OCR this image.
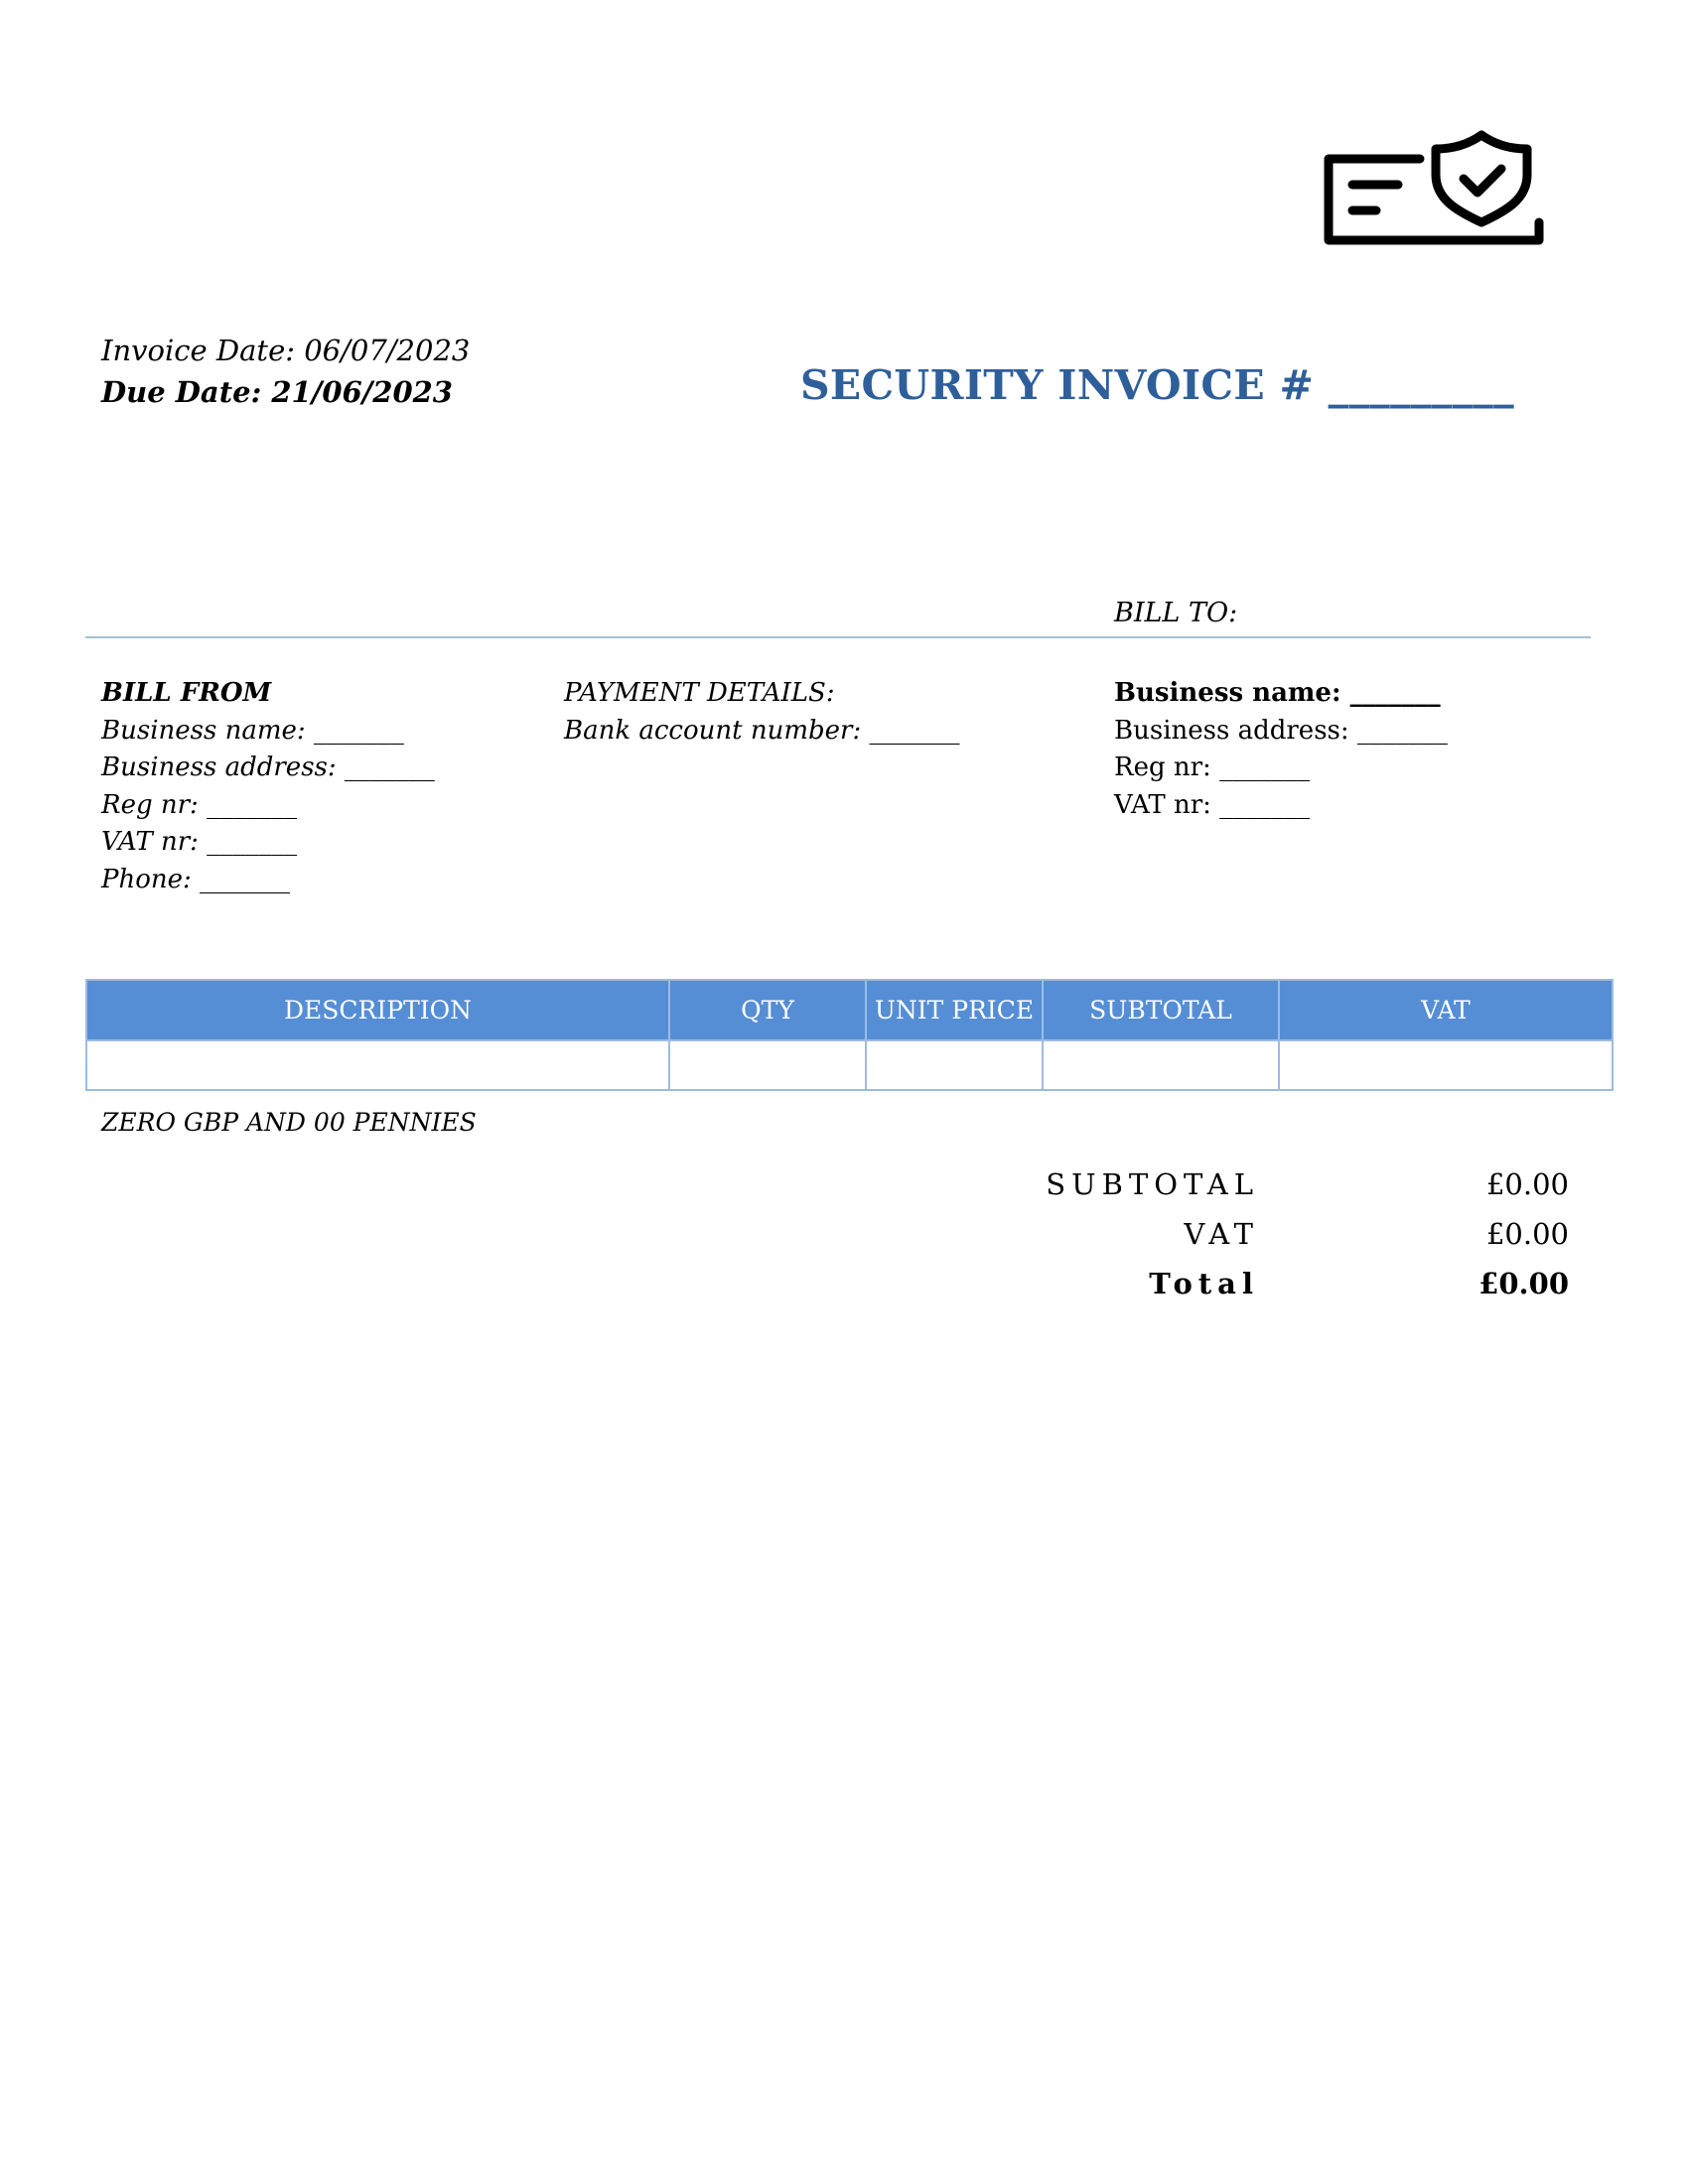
Invoice Date: 06/07/2023
Due Date: 21/06/2023	SECURITY INVOICE # _________
BILL TO:
BILL FROM
Business name: _______
Business address: _______
Reg nr: _______
VAT nr: _______
Phone: _______
PAYMENT DETAILS:
Bank account number: _______
Business name: _______
Business address: _______
Reg nr: _______
VAT nr: _______
DESCRIPTION	QTY	UNIT PRICE	SUBTOTAL	VAT

ZERO GBP AND 00 PENNIES
SUBTOTAL	£0.00
VAT	£0.00
Total	£0.00
